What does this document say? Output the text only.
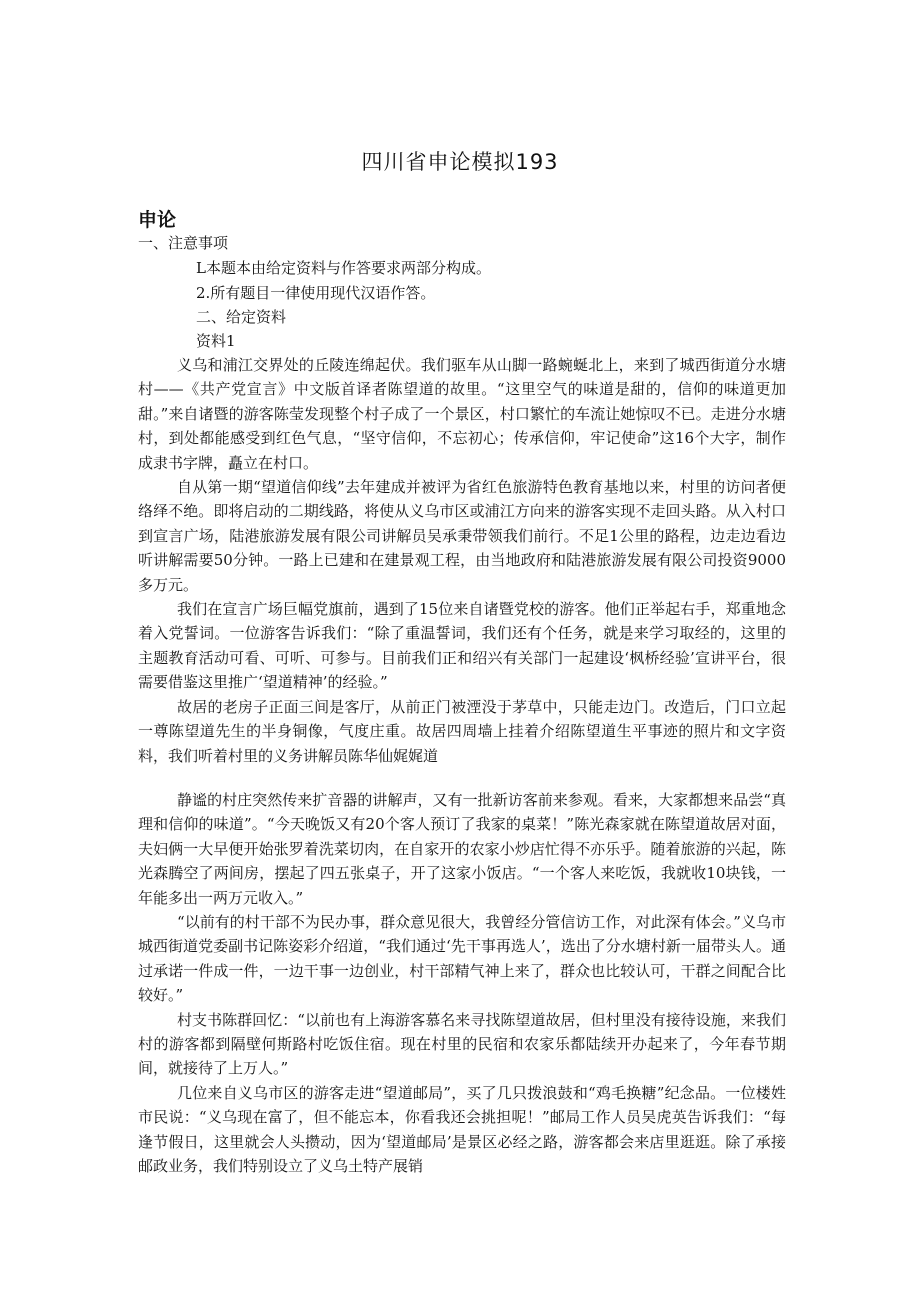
四川省申论模拟193
申论
一、注意事项
L本题本由给定资料与作答要求两部分构成。
2.所有题目一律使用现代汉语作答。
二、给定资料
资料1

义乌和浦江交界处的丘陵连绵起伏。我们驱车从山脚一路蜿蜒北上，来到了城西街道分水塘村——《共产党宣言》中文版首译者陈望道的故里。“这里空气的味道是甜的，信仰的味道更加甜。”来自诸暨的游客陈莹发现整个村子成了一个景区，村口繁忙的车流让她惊叹不已。走进分水塘村，到处都能感受到红色气息，“坚守信仰，不忘初心；传承信仰，牢记使命”这16个大字，制作成隶书字牌，矗立在村口。

自从第一期“望道信仰线”去年建成并被评为省红色旅游特色教育基地以来，村里的访问者便络绎不绝。即将启动的二期线路，将使从义乌市区或浦江方向来的游客实现不走回头路。从入村口到宣言广场，陆港旅游发展有限公司讲解员吴承秉带领我们前行。不足1公里的路程，边走边看边听讲解需要50分钟。一路上已建和在建景观工程，由当地政府和陆港旅游发展有限公司投资9000多万元。

我们在宣言广场巨幅党旗前，遇到了15位来自诸暨党校的游客。他们正举起右手，郑重地念着入党誓词。一位游客告诉我们：“除了重温誓词，我们还有个任务，就是来学习取经的，这里的主题教育活动可看、可听、可参与。目前我们正和绍兴有关部门一起建设‘枫桥经验’宣讲平台，很需要借鉴这里推广‘望道精神’的经验。”

故居的老房子正面三间是客厅，从前正门被湮没于茅草中，只能走边门。改造后，门口立起一尊陈望道先生的半身铜像，气度庄重。故居四周墙上挂着介绍陈望道生平事迹的照片和文字资料，我们听着村里的义务讲解员陈华仙娓娓道

静谧的村庄突然传来扩音器的讲解声，又有一批新访客前来参观。看来，大家都想来品尝“真理和信仰的味道”。“今天晚饭又有20个客人预订了我家的桌菜！”陈光森家就在陈望道故居对面，夫妇俩一大早便开始张罗着洗菜切肉，在自家开的农家小炒店忙得不亦乐乎。随着旅游的兴起，陈光森腾空了两间房，摆起了四五张桌子，开了这家小饭店。“一个客人来吃饭，我就收10块钱，一年能多出一两万元收入。”

“以前有的村干部不为民办事，群众意见很大，我曾经分管信访工作，对此深有体会。”义乌市城西街道党委副书记陈姿彩介绍道，“我们通过‘先干事再选人’，选出了分水塘村新一届带头人。通过承诺一件成一件，一边干事一边创业，村干部精气神上来了，群众也比较认可，干群之间配合比较好。”

村支书陈群回忆：“以前也有上海游客慕名来寻找陈望道故居，但村里没有接待设施，来我们村的游客都到隔壁何斯路村吃饭住宿。现在村里的民宿和农家乐都陆续开办起来了，今年春节期间，就接待了上万人。”

几位来自义乌市区的游客走进“望道邮局”，买了几只拨浪鼓和“鸡毛换糖”纪念品。一位楼姓市民说：“义乌现在富了，但不能忘本，你看我还会挑担呢！”邮局工作人员吴虎英告诉我们：“每逢节假日，这里就会人头攒动，因为‘望道邮局’是景区必经之路，游客都会来店里逛逛。除了承接邮政业务，我们特别设立了义乌土特产展销
